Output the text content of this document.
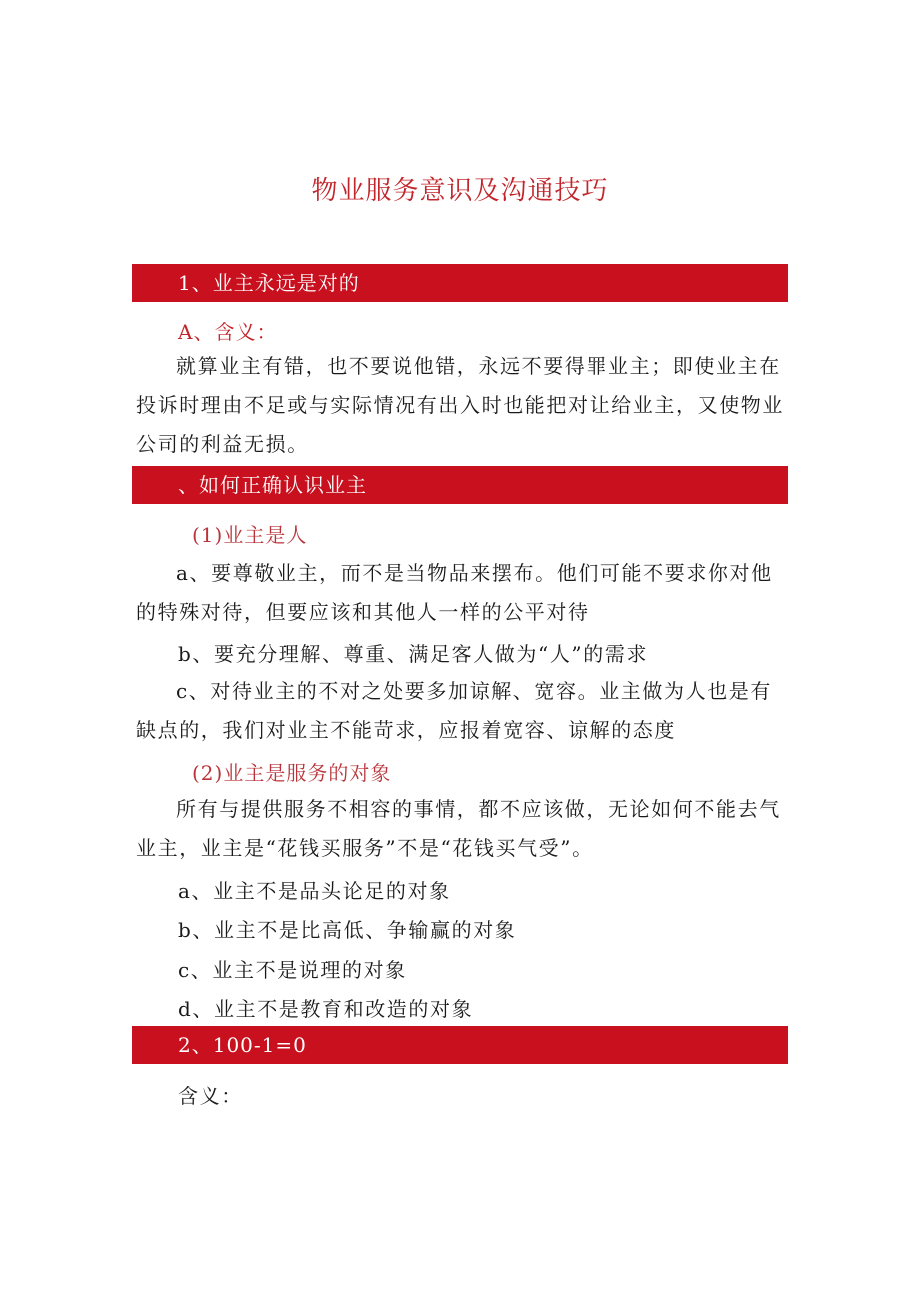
物业服务意识及沟通技巧
1、业主永远是对的
A、含义：

就算业主有错，也不要说他错，永远不要得罪业主；即使业主在投诉时理由不足或与实际情况有出入时也能把对让给业主，又使物业公司的利益无损。

、如何正确认识业主
(1)业主是人

a、要尊敬业主，而不是当物品来摆布。他们可能不要求你对他的特殊对待，但要应该和其他人一样的公平对待

b、要充分理解、尊重、满足客人做为“人”的需求

c、对待业主的不对之处要多加谅解、宽容。业主做为人也是有缺点的，我们对业主不能苛求，应报着宽容、谅解的态度

(2)业主是服务的对象

所有与提供服务不相容的事情，都不应该做，无论如何不能去气业主，业主是“花钱买服务”不是“花钱买气受”。

a、业主不是品头论足的对象
b、业主不是比高低、争输赢的对象
c、业主不是说理的对象
d、业主不是教育和改造的对象
2、100-1=0
含义：
